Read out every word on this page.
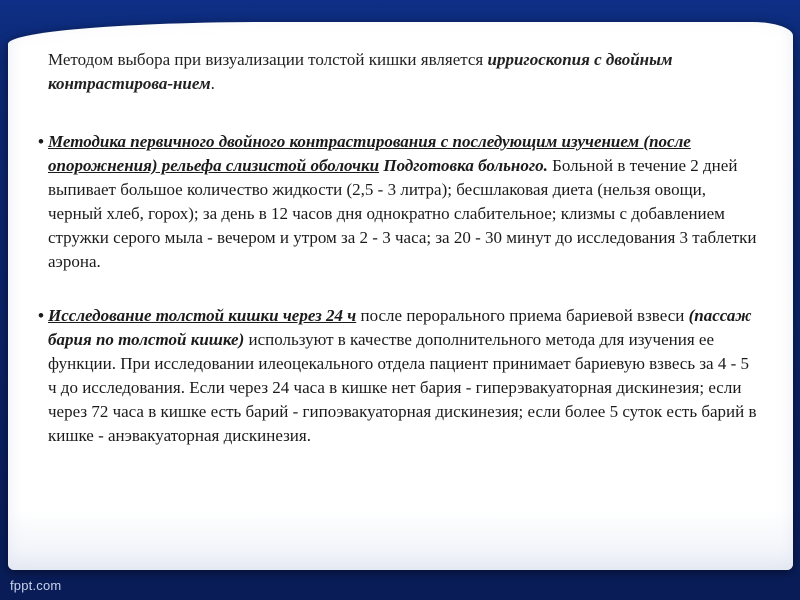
Методом выбора при визуализации толстой кишки является ирригоскопия с двойным контрастирова-нием.

• Методика первичного двойного контрастирования с последующим изучением (после опорожнения) рельефа слизистой оболочки Подготовка больного. Больной в течение 2 дней выпивает большое количество жидкости (2,5 - 3 литра); бесшлаковая диета (нельзя овощи, черный хлеб, горох); за день в 12 часов дня однократно слабительное; клизмы с добавлением стружки серого мыла - вечером и утром за 2 - 3 часа; за 20 - 30 минут до исследования 3 таблетки аэрона.

• Исследование толстой кишки через 24 ч после перорального приема бариевой взвеси (пассаж бария по толстой кишке) используют в качестве дополнительного метода для изучения ее функции. При исследовании илеоцекального отдела пациент принимает бариевую взвесь за 4 - 5 ч до исследования. Если через 24 часа в кишке нет бария - гиперэвакуаторная дискинезия; если через 72 часа в кишке есть барий - гипоэвакуаторная дискинезия; если более 5 суток есть барий в кишке - анэвакуаторная дискинезия.

fppt.com
